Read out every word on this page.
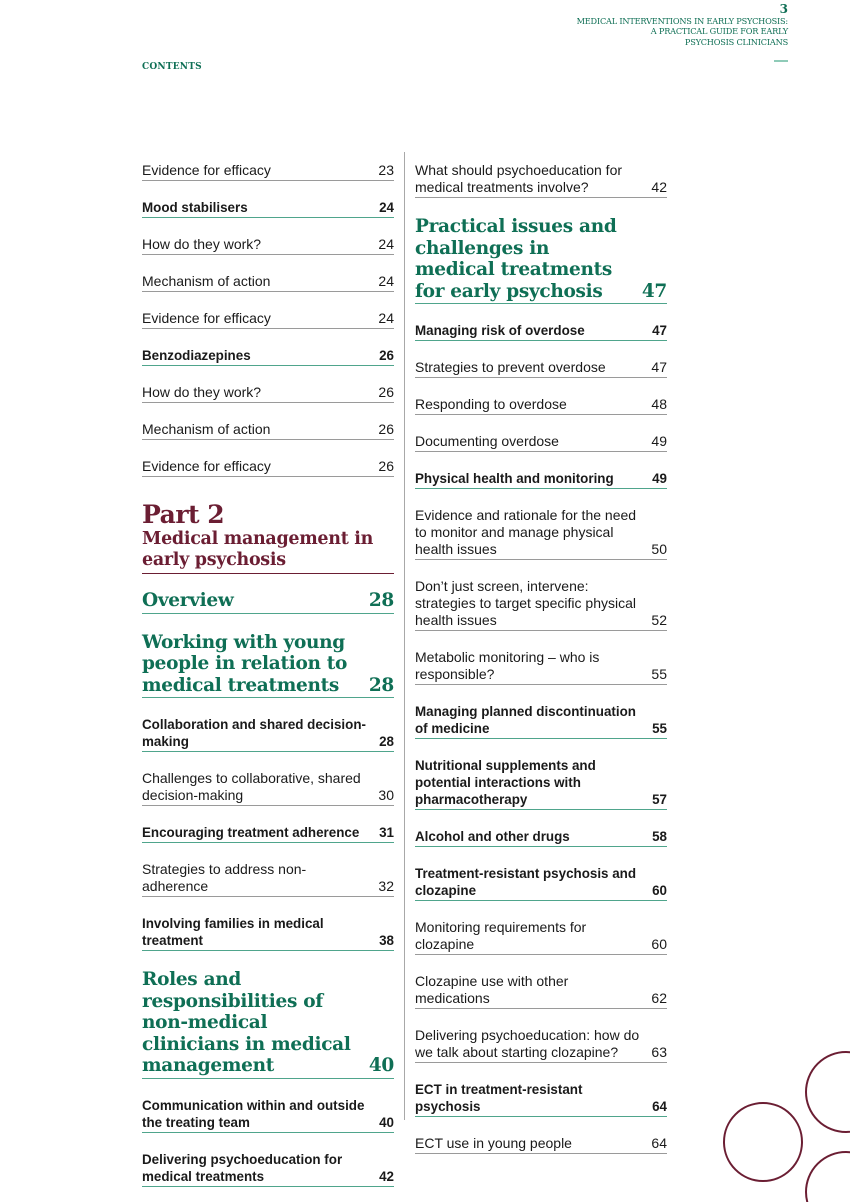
CONTENTS
3
MEDICAL INTERVENTIONS IN EARLY PSYCHOSIS:
A PRACTICAL GUIDE FOR EARLY
PSYCHOSIS CLINICIANS
Evidence for efficacy	23
Mood stabilisers	24
How do they work?	24
Mechanism of action	24
Evidence for efficacy	24
Benzodiazepines	26
How do they work?	26
Mechanism of action	26
Evidence for efficacy	26
Part 2
Medical management in early psychosis
Overview	28
Working with young people in relation to medical treatments	28
Collaboration and shared decision-making	28
Challenges to collaborative, shared decision-making	30
Encouraging treatment adherence	31
Strategies to address non-adherence	32
Involving families in medical treatment	38
Roles and responsibilities of non-medical clinicians in medical management	40
Communication within and outside the treating team	40
Delivering psychoeducation for medical treatments	42
What should psychoeducation for medical treatments involve?	42
Practical issues and challenges in medical treatments for early psychosis	47
Managing risk of overdose	47
Strategies to prevent overdose	47
Responding to overdose	48
Documenting overdose	49
Physical health and monitoring	49
Evidence and rationale for the need to monitor and manage physical health issues	50
Don’t just screen, intervene: strategies to target specific physical health issues	52
Metabolic monitoring – who is responsible?	55
Managing planned discontinuation of medicine	55
Nutritional supplements and potential interactions with pharmacotherapy	57
Alcohol and other drugs	58
Treatment-resistant psychosis and clozapine	60
Monitoring requirements for clozapine	60
Clozapine use with other medications	62
Delivering psychoeducation: how do we talk about starting clozapine?	63
ECT in treatment-resistant psychosis	64
ECT use in young people	64
